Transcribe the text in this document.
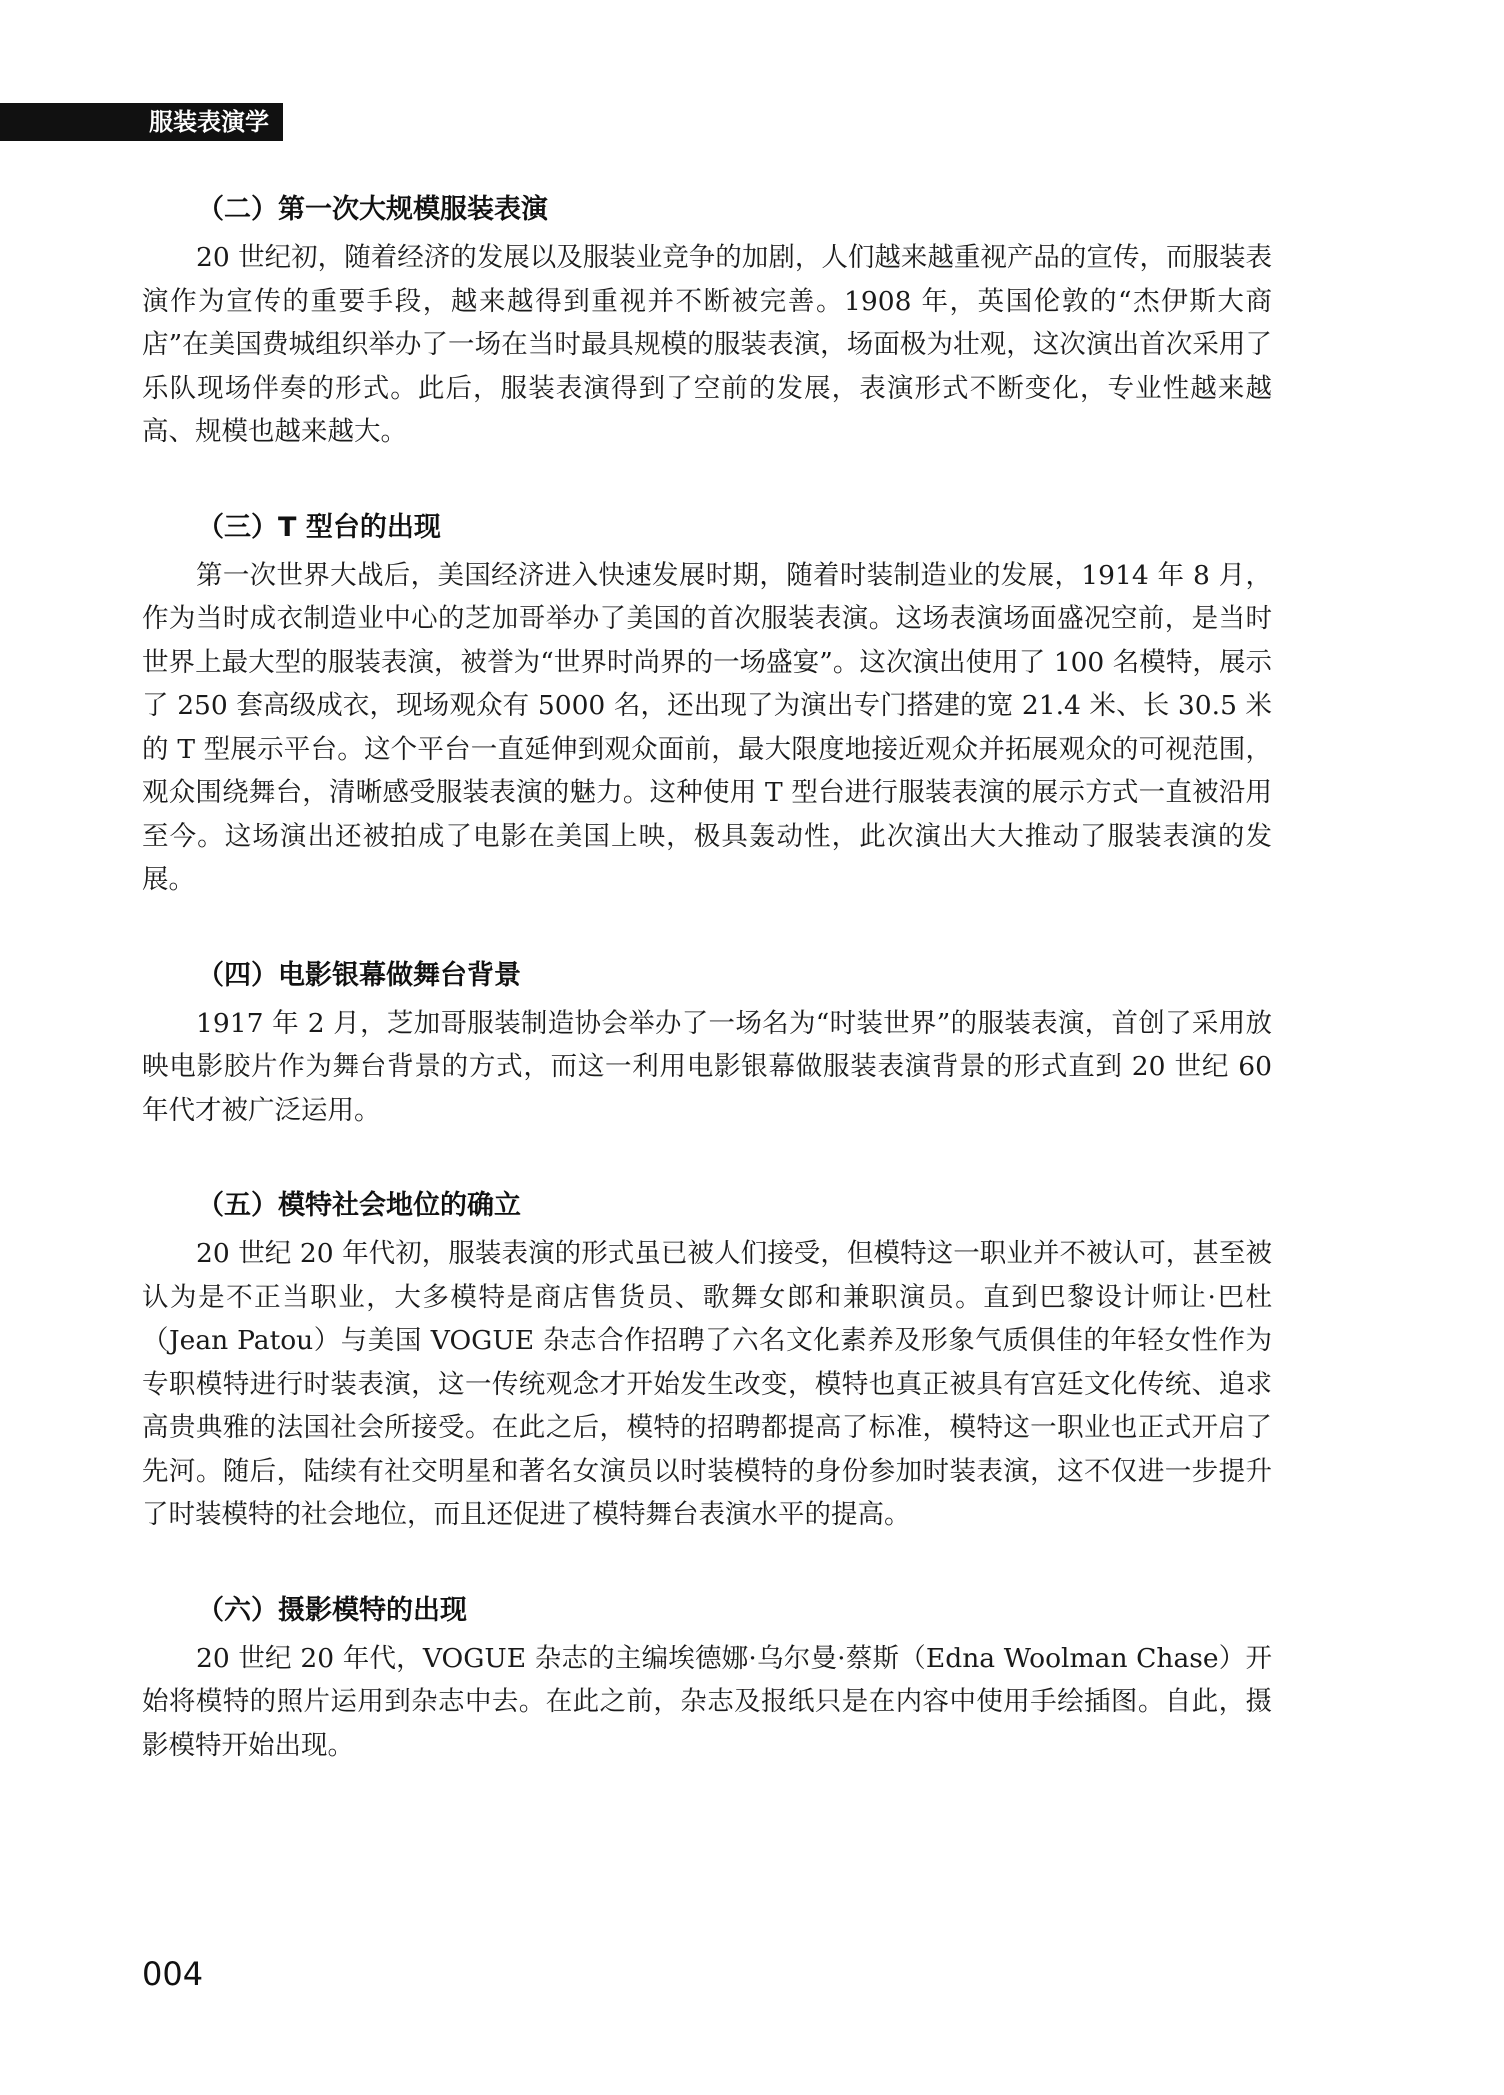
服装表演学
（二）第一次大规模服装表演

20 世纪初，随着经济的发展以及服装业竞争的加剧，人们越来越重视产品的宣传，而服装表演作为宣传的重要手段，越来越得到重视并不断被完善。1908 年，英国伦敦的“杰伊斯大商店”在美国费城组织举办了一场在当时最具规模的服装表演，场面极为壮观，这次演出首次采用了乐队现场伴奏的形式。此后，服装表演得到了空前的发展，表演形式不断变化，专业性越来越高、规模也越来越大。

（三）T 型台的出现

第一次世界大战后，美国经济进入快速发展时期，随着时装制造业的发展，1914 年 8 月，作为当时成衣制造业中心的芝加哥举办了美国的首次服装表演。这场表演场面盛况空前，是当时世界上最大型的服装表演，被誉为“世界时尚界的一场盛宴”。这次演出使用了 100 名模特，展示了 250 套高级成衣，现场观众有 5000 名，还出现了为演出专门搭建的宽 21.4 米、长 30.5 米的 T 型展示平台。这个平台一直延伸到观众面前，最大限度地接近观众并拓展观众的可视范围，观众围绕舞台，清晰感受服装表演的魅力。这种使用 T 型台进行服装表演的展示方式一直被沿用至今。这场演出还被拍成了电影在美国上映，极具轰动性，此次演出大大推动了服装表演的发展。

（四）电影银幕做舞台背景

1917 年 2 月，芝加哥服装制造协会举办了一场名为“时装世界”的服装表演，首创了采用放映电影胶片作为舞台背景的方式，而这一利用电影银幕做服装表演背景的形式直到 20 世纪 60 年代才被广泛运用。

（五）模特社会地位的确立

20 世纪 20 年代初，服装表演的形式虽已被人们接受，但模特这一职业并不被认可，甚至被认为是不正当职业，大多模特是商店售货员、歌舞女郎和兼职演员。直到巴黎设计师让·巴杜（Jean Patou）与美国 VOGUE 杂志合作招聘了六名文化素养及形象气质俱佳的年轻女性作为专职模特进行时装表演，这一传统观念才开始发生改变，模特也真正被具有宫廷文化传统、追求高贵典雅的法国社会所接受。在此之后，模特的招聘都提高了标准，模特这一职业也正式开启了先河。随后，陆续有社交明星和著名女演员以时装模特的身份参加时装表演，这不仅进一步提升了时装模特的社会地位，而且还促进了模特舞台表演水平的提高。

（六）摄影模特的出现

20 世纪 20 年代，VOGUE 杂志的主编埃德娜·乌尔曼·蔡斯（Edna Woolman Chase）开始将模特的照片运用到杂志中去。在此之前，杂志及报纸只是在内容中使用手绘插图。自此，摄影模特开始出现。

004
